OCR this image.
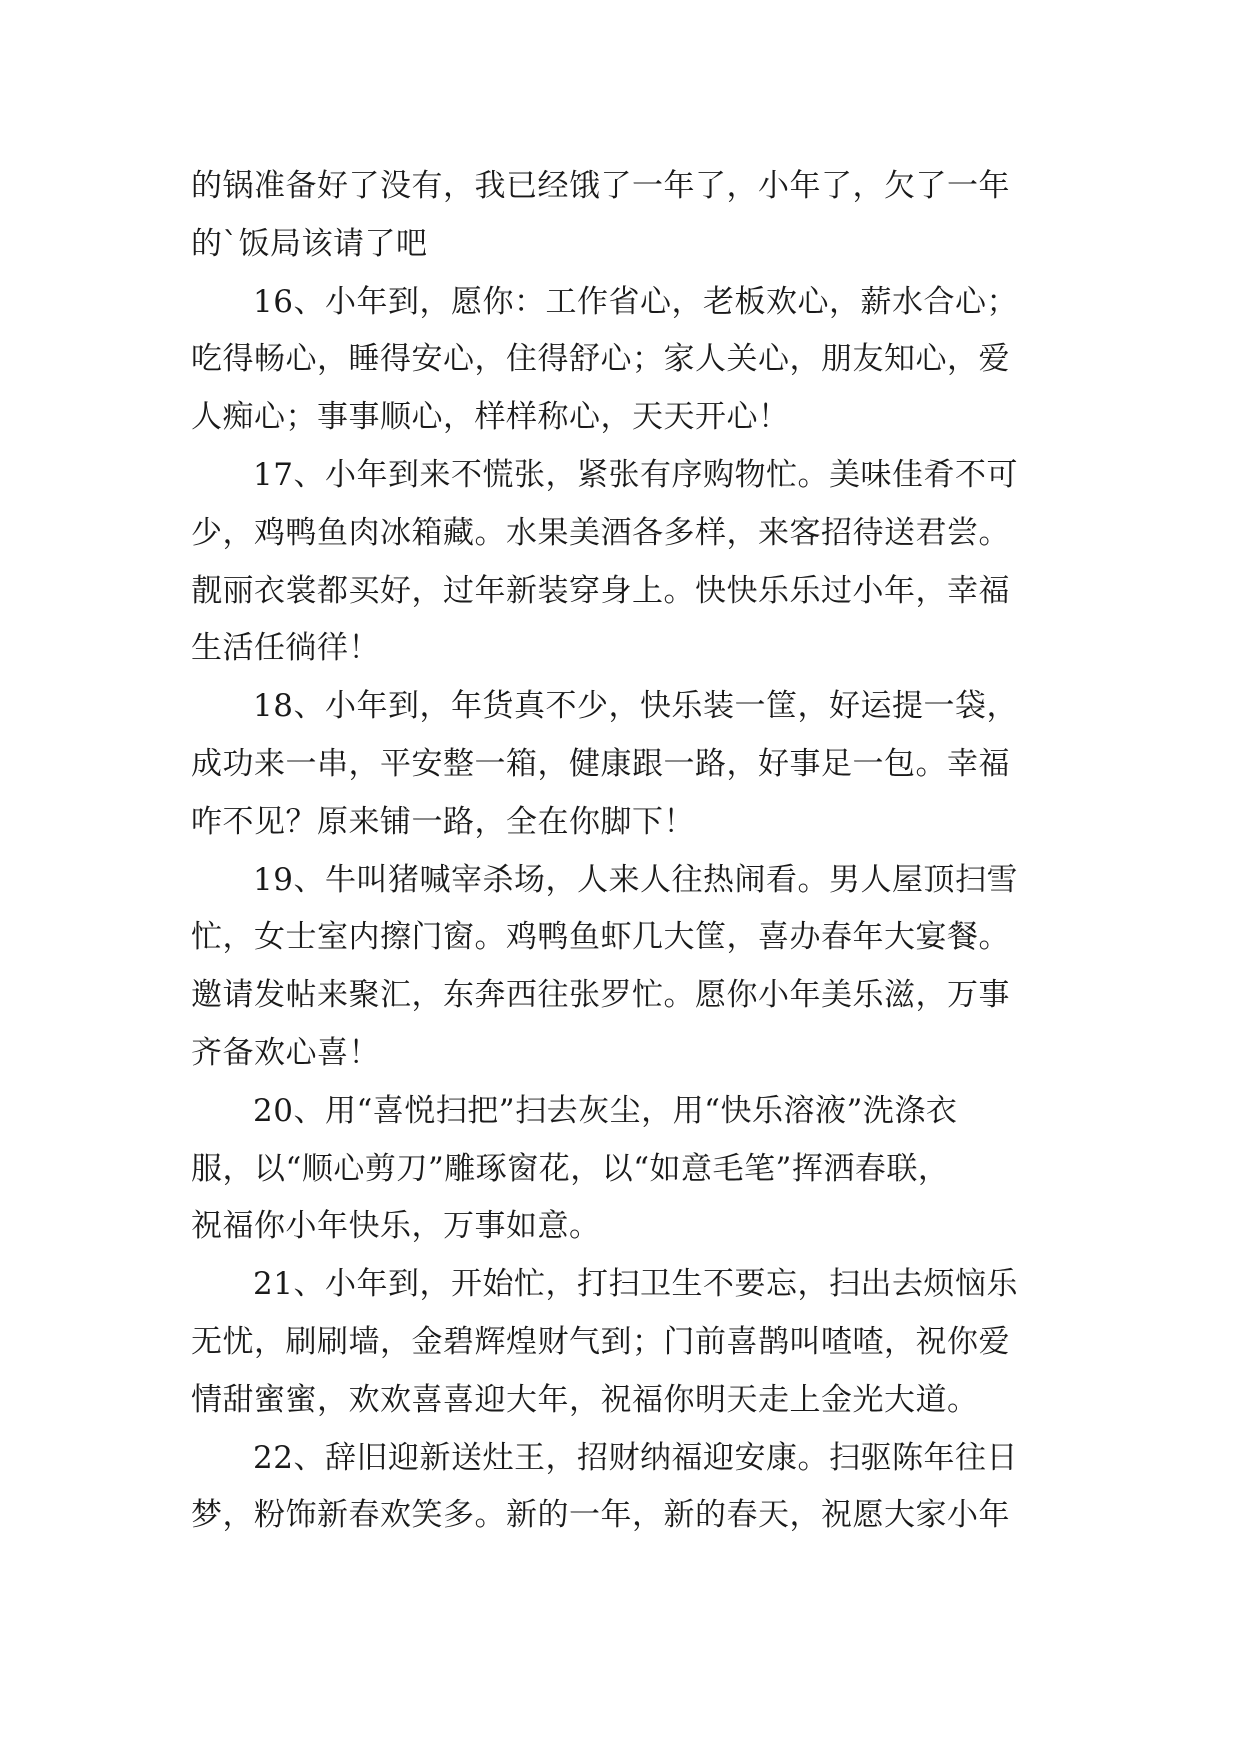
的锅准备好了没有，我已经饿了一年了，小年了，欠了一年
的`饭局该请了吧
16、小年到，愿你：工作省心，老板欢心，薪水合心；
吃得畅心，睡得安心，住得舒心；家人关心，朋友知心，爱
人痴心；事事顺心，样样称心，天天开心！
17、小年到来不慌张，紧张有序购物忙。美味佳肴不可
少，鸡鸭鱼肉冰箱藏。水果美酒各多样，来客招待送君尝。
靓丽衣裳都买好，过年新装穿身上。快快乐乐过小年，幸福
生活任徜徉！
18、小年到，年货真不少，快乐装一筐，好运提一袋，
成功来一串，平安整一箱，健康跟一路，好事足一包。幸福
咋不见？原来铺一路，全在你脚下！
19、牛叫猪喊宰杀场，人来人往热闹看。男人屋顶扫雪
忙，女士室内擦门窗。鸡鸭鱼虾几大筐，喜办春年大宴餐。
邀请发帖来聚汇，东奔西往张罗忙。愿你小年美乐滋，万事
齐备欢心喜！
20、用“喜悦扫把”扫去灰尘，用“快乐溶液”洗涤衣
服，以“顺心剪刀”雕琢窗花，以“如意毛笔”挥洒春联，
祝福你小年快乐，万事如意。
21、小年到，开始忙，打扫卫生不要忘，扫出去烦恼乐
无忧，刷刷墙，金碧辉煌财气到；门前喜鹊叫喳喳，祝你爱
情甜蜜蜜，欢欢喜喜迎大年，祝福你明天走上金光大道。
22、辞旧迎新送灶王，招财纳福迎安康。扫驱陈年往日
梦，粉饰新春欢笑多。新的一年，新的春天，祝愿大家小年
